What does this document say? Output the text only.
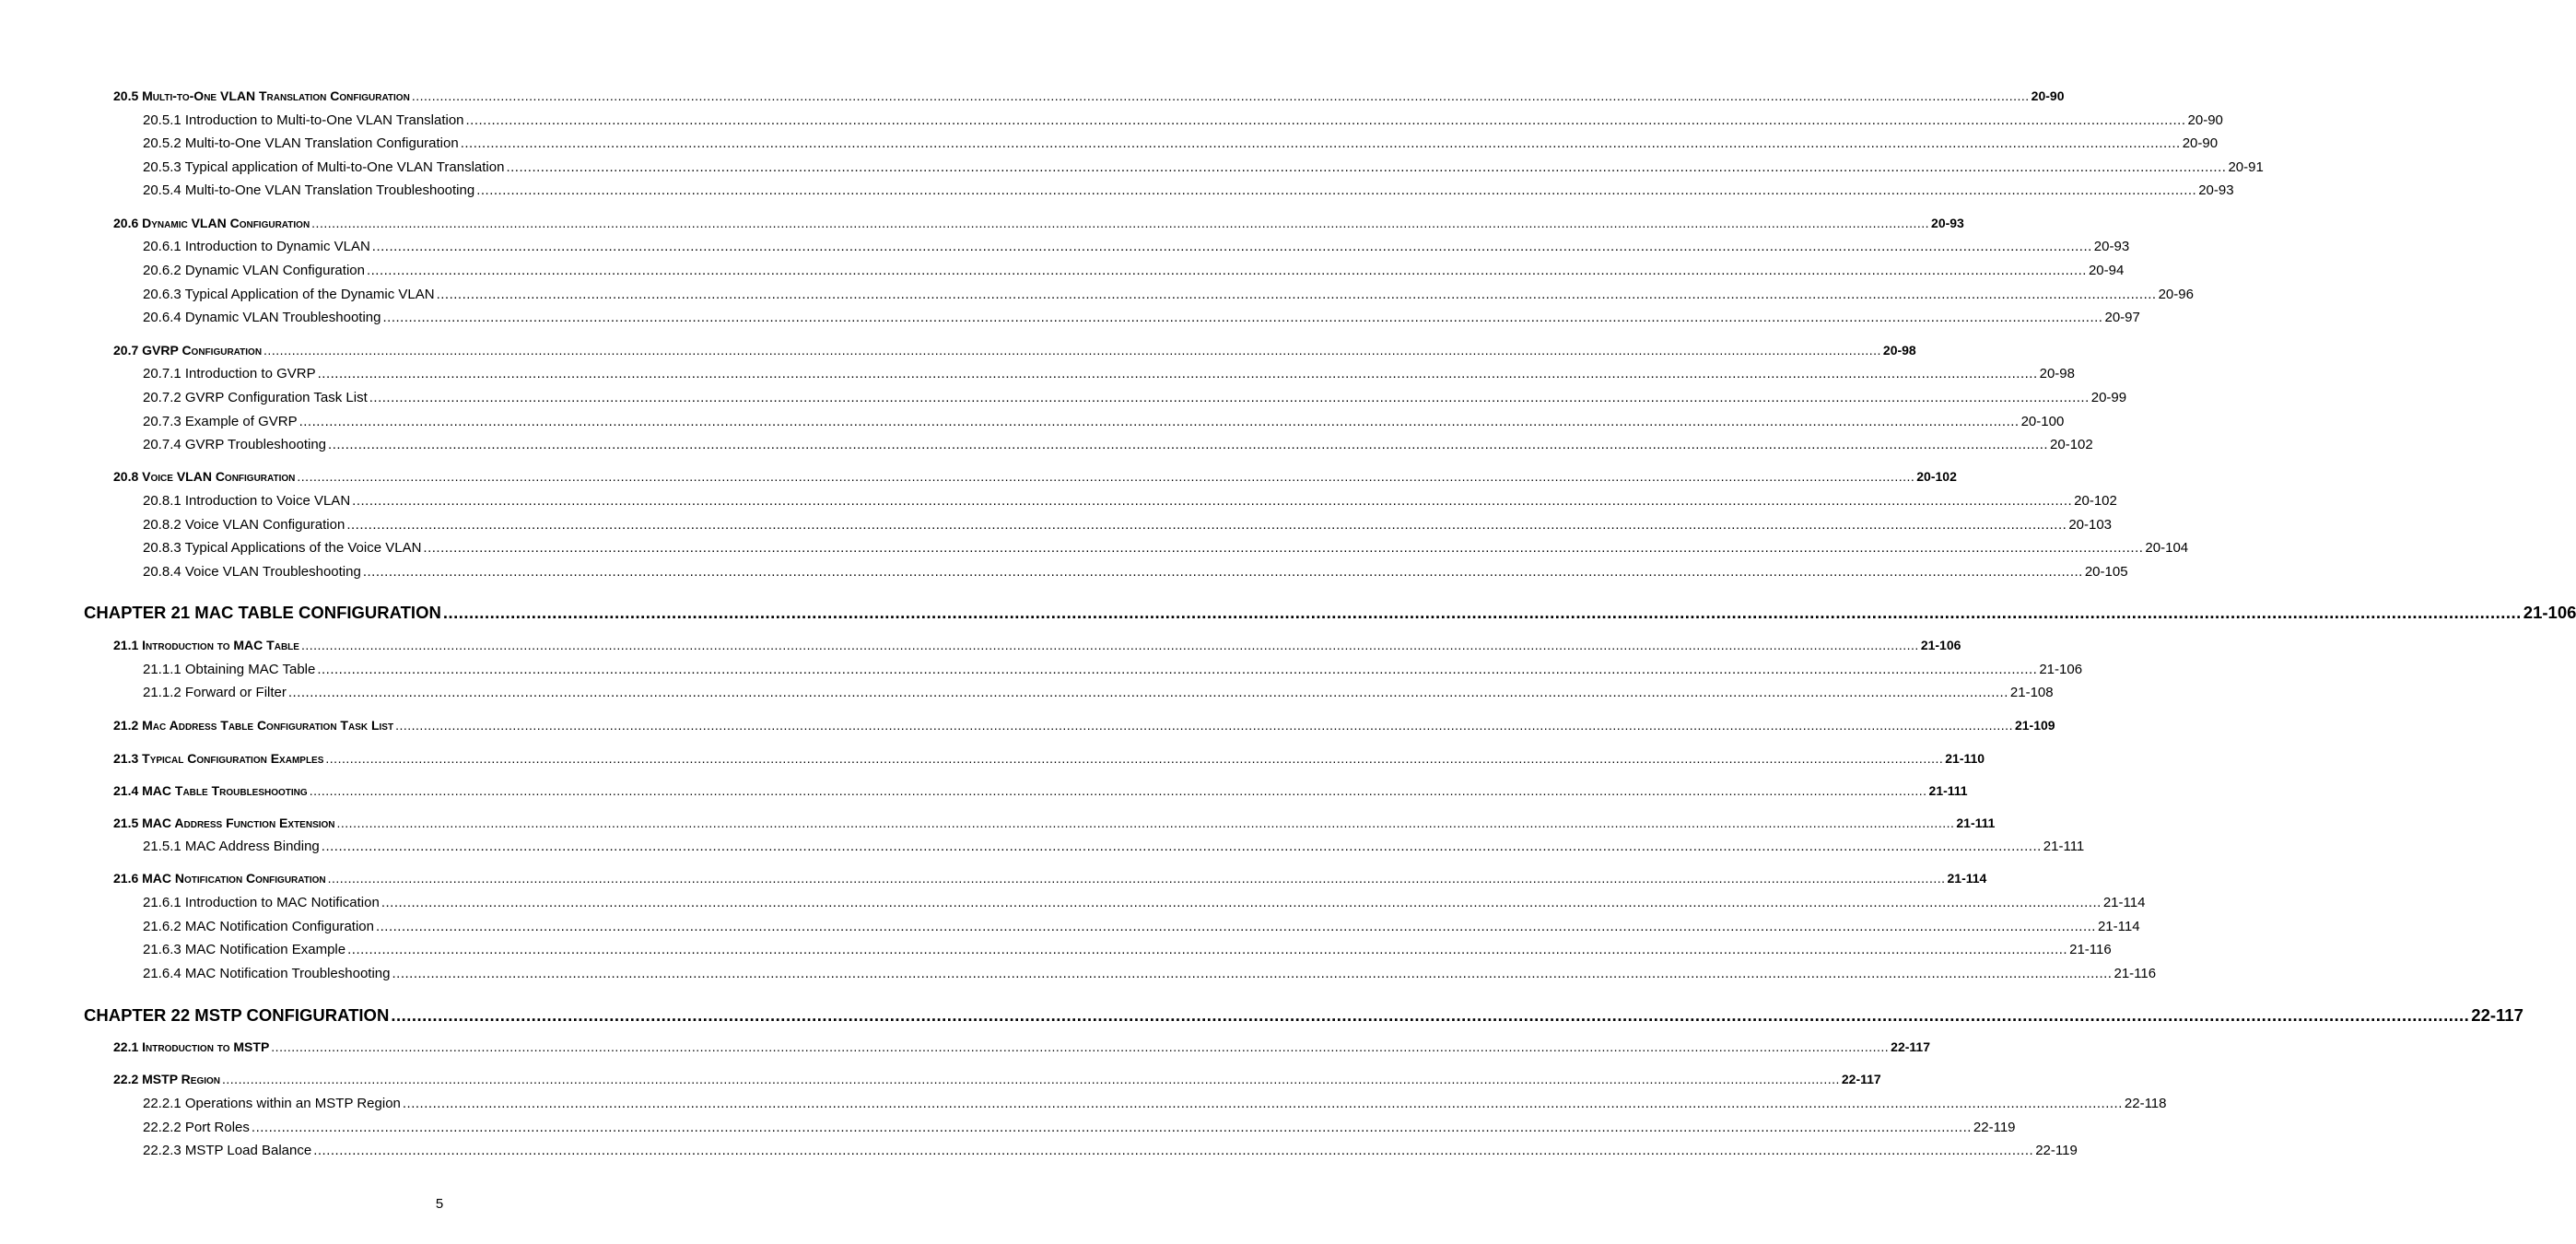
20.5 Multi-to-One VLAN Translation Configuration ................................................................................................................................................................................................................................................................................................................................................................................................................ 20-90
20.5.1 Introduction to Multi-to-One VLAN Translation ................................................................................................................................................................................................................................................................................................................................................................................................................ 20-90
20.5.2 Multi-to-One VLAN Translation Configuration ................................................................................................................................................................................................................................................................................................................................................................................................................ 20-90
20.5.3 Typical application of Multi-to-One VLAN Translation ................................................................................................................................................................................................................................................................................................................................................................................................................ 20-91
20.5.4 Multi-to-One VLAN Translation Troubleshooting ................................................................................................................................................................................................................................................................................................................................................................................................................ 20-93
20.6 Dynamic VLAN Configuration ................................................................................................................................................................................................................................................................................................................................................................................................................ 20-93
20.6.1 Introduction to Dynamic VLAN ................................................................................................................................................................................................................................................................................................................................................................................................................ 20-93
20.6.2 Dynamic VLAN Configuration ................................................................................................................................................................................................................................................................................................................................................................................................................ 20-94
20.6.3 Typical Application of the Dynamic VLAN ................................................................................................................................................................................................................................................................................................................................................................................................................ 20-96
20.6.4 Dynamic VLAN Troubleshooting ................................................................................................................................................................................................................................................................................................................................................................................................................ 20-97
20.7 GVRP Configuration ................................................................................................................................................................................................................................................................................................................................................................................................................ 20-98
20.7.1 Introduction to GVRP ................................................................................................................................................................................................................................................................................................................................................................................................................ 20-98
20.7.2 GVRP Configuration Task List ................................................................................................................................................................................................................................................................................................................................................................................................................ 20-99
20.7.3 Example of GVRP ................................................................................................................................................................................................................................................................................................................................................................................................................ 20-100
20.7.4 GVRP Troubleshooting ................................................................................................................................................................................................................................................................................................................................................................................................................ 20-102
20.8 Voice VLAN Configuration ................................................................................................................................................................................................................................................................................................................................................................................................................ 20-102
20.8.1 Introduction to Voice VLAN ................................................................................................................................................................................................................................................................................................................................................................................................................ 20-102
20.8.2 Voice VLAN Configuration ................................................................................................................................................................................................................................................................................................................................................................................................................ 20-103
20.8.3 Typical Applications of the Voice VLAN ................................................................................................................................................................................................................................................................................................................................................................................................................ 20-104
20.8.4 Voice VLAN Troubleshooting ................................................................................................................................................................................................................................................................................................................................................................................................................ 20-105
CHAPTER 21 MAC TABLE CONFIGURATION ................................................................................................................................................................................................................................................................................................................................................................................................................ 21-106
21.1 Introduction to MAC Table ................................................................................................................................................................................................................................................................................................................................................................................................................ 21-106
21.1.1 Obtaining MAC Table ................................................................................................................................................................................................................................................................................................................................................................................................................ 21-106
21.1.2 Forward or Filter ................................................................................................................................................................................................................................................................................................................................................................................................................ 21-108
21.2 Mac Address Table Configuration Task List ................................................................................................................................................................................................................................................................................................................................................................................................................ 21-109
21.3 Typical Configuration Examples ................................................................................................................................................................................................................................................................................................................................................................................................................ 21-110
21.4 MAC Table Troubleshooting ................................................................................................................................................................................................................................................................................................................................................................................................................ 21-111
21.5 MAC Address Function Extension ................................................................................................................................................................................................................................................................................................................................................................................................................ 21-111
21.5.1 MAC Address Binding ................................................................................................................................................................................................................................................................................................................................................................................................................ 21-111
21.6 MAC Notification Configuration ................................................................................................................................................................................................................................................................................................................................................................................................................ 21-114
21.6.1 Introduction to MAC Notification ................................................................................................................................................................................................................................................................................................................................................................................................................ 21-114
21.6.2 MAC Notification Configuration ................................................................................................................................................................................................................................................................................................................................................................................................................ 21-114
21.6.3 MAC Notification Example ................................................................................................................................................................................................................................................................................................................................................................................................................ 21-116
21.6.4 MAC Notification Troubleshooting ................................................................................................................................................................................................................................................................................................................................................................................................................ 21-116
CHAPTER 22 MSTP CONFIGURATION ................................................................................................................................................................................................................................................................................................................................................................................................................ 22-117
22.1 Introduction to MSTP ................................................................................................................................................................................................................................................................................................................................................................................................................ 22-117
22.2 MSTP Region ................................................................................................................................................................................................................................................................................................................................................................................................................ 22-117
22.2.1 Operations within an MSTP Region ................................................................................................................................................................................................................................................................................................................................................................................................................ 22-118
22.2.2 Port Roles ................................................................................................................................................................................................................................................................................................................................................................................................................ 22-119
22.2.3 MSTP Load Balance ................................................................................................................................................................................................................................................................................................................................................................................................................ 22-119
5
